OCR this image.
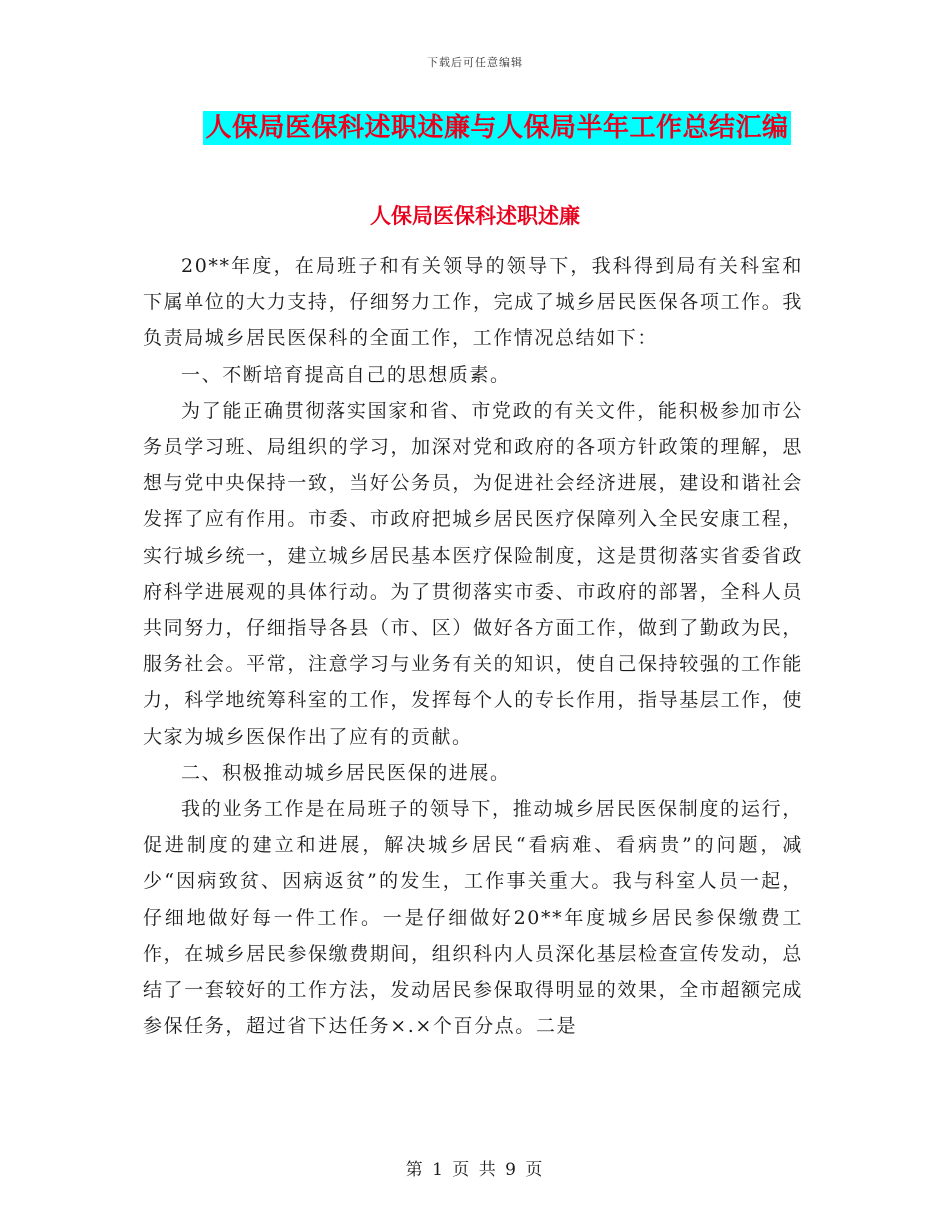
下载后可任意编辑
人保局医保科述职述廉与人保局半年工作总结汇编
人保局医保科述职述廉

20**年度，在局班子和有关领导的领导下，我科得到局有关科室和下属单位的大力支持，仔细努力工作，完成了城乡居民医保各项工作。我负责局城乡居民医保科的全面工作，工作情况总结如下：

一、不断培育提高自己的思想质素。

为了能正确贯彻落实国家和省、市党政的有关文件，能积极参加市公务员学习班、局组织的学习，加深对党和政府的各项方针政策的理解，思想与党中央保持一致，当好公务员，为促进社会经济进展，建设和谐社会发挥了应有作用。市委、市政府把城乡居民医疗保障列入全民安康工程，实行城乡统一，建立城乡居民基本医疗保险制度，这是贯彻落实省委省政府科学进展观的具体行动。为了贯彻落实市委、市政府的部署，全科人员共同努力，仔细指导各县（市、区）做好各方面工作，做到了勤政为民，服务社会。平常，注意学习与业务有关的知识，使自己保持较强的工作能力，科学地统筹科室的工作，发挥每个人的专长作用，指导基层工作，使大家为城乡医保作出了应有的贡献。

二、积极推动城乡居民医保的进展。

我的业务工作是在局班子的领导下，推动城乡居民医保制度的运行，促进制度的建立和进展，解决城乡居民“看病难、看病贵”的问题，减少“因病致贫、因病返贫”的发生，工作事关重大。我与科室人员一起，仔细地做好每一件工作。一是仔细做好20**年度城乡居民参保缴费工作，在城乡居民参保缴费期间，组织科内人员深化基层检查宣传发动，总结了一套较好的工作方法，发动居民参保取得明显的效果，全市超额完成参保任务，超过省下达任务×.×个百分点。二是

第 1 页 共 9 页
